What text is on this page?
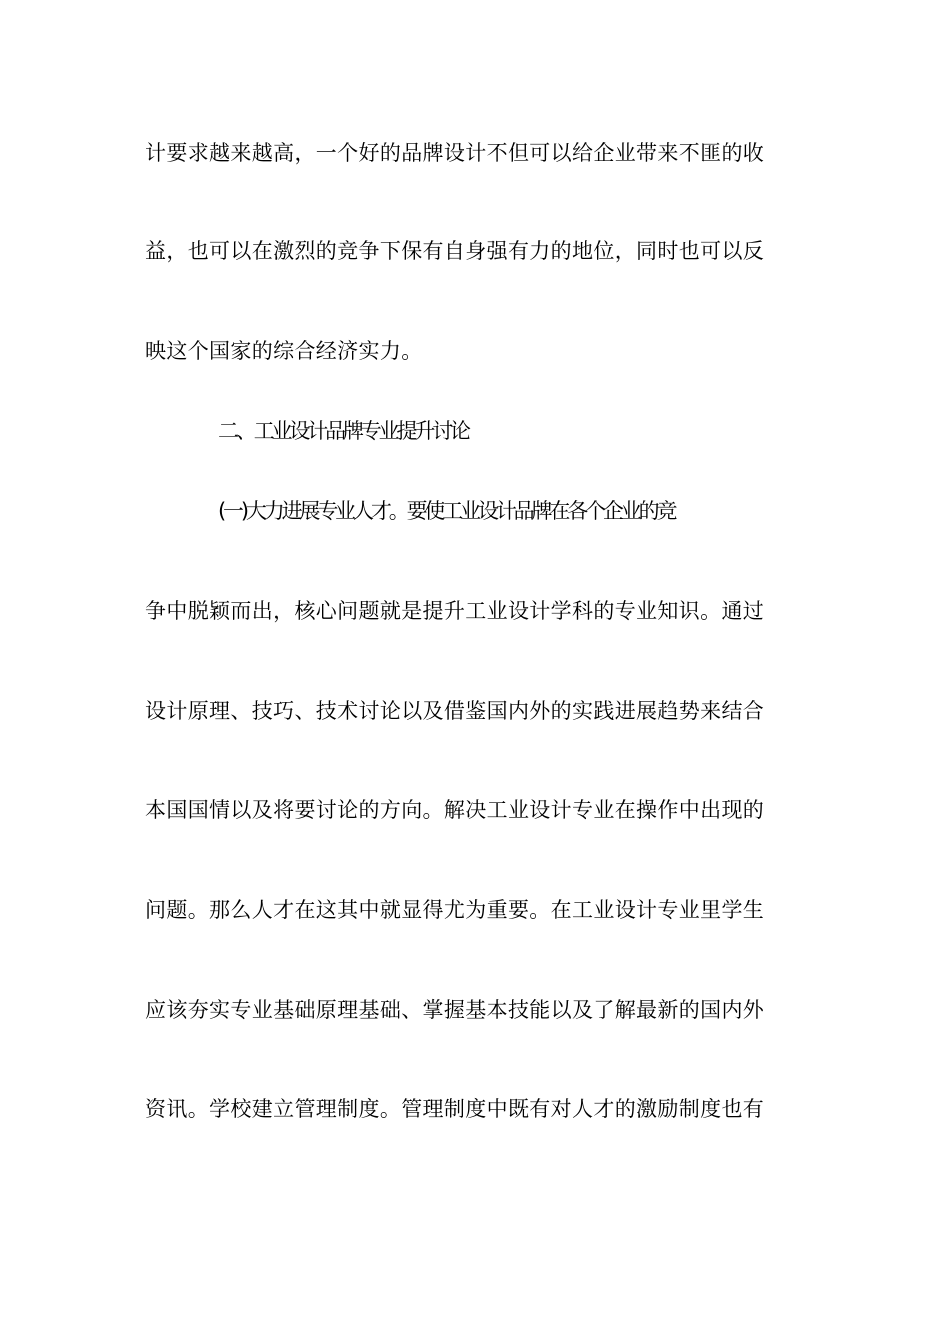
计要求越来越高，一个好的品牌设计不但可以给企业带来不匪的收
益，也可以在激烈的竞争下保有自身强有力的地位，同时也可以反
映这个国家的综合经济实力。
二、工业设计品牌专业提升讨论
(一)大力进展专业人才。要使工业设计品牌在各个企业的竞
争中脱颖而出，核心问题就是提升工业设计学科的专业知识。通过
设计原理、技巧、技术讨论以及借鉴国内外的实践进展趋势来结合
本国国情以及将要讨论的方向。解决工业设计专业在操作中出现的
问题。那么人才在这其中就显得尤为重要。在工业设计专业里学生
应该夯实专业基础原理基础、掌握基本技能以及了解最新的国内外
资讯。学校建立管理制度。管理制度中既有对人才的激励制度也有
